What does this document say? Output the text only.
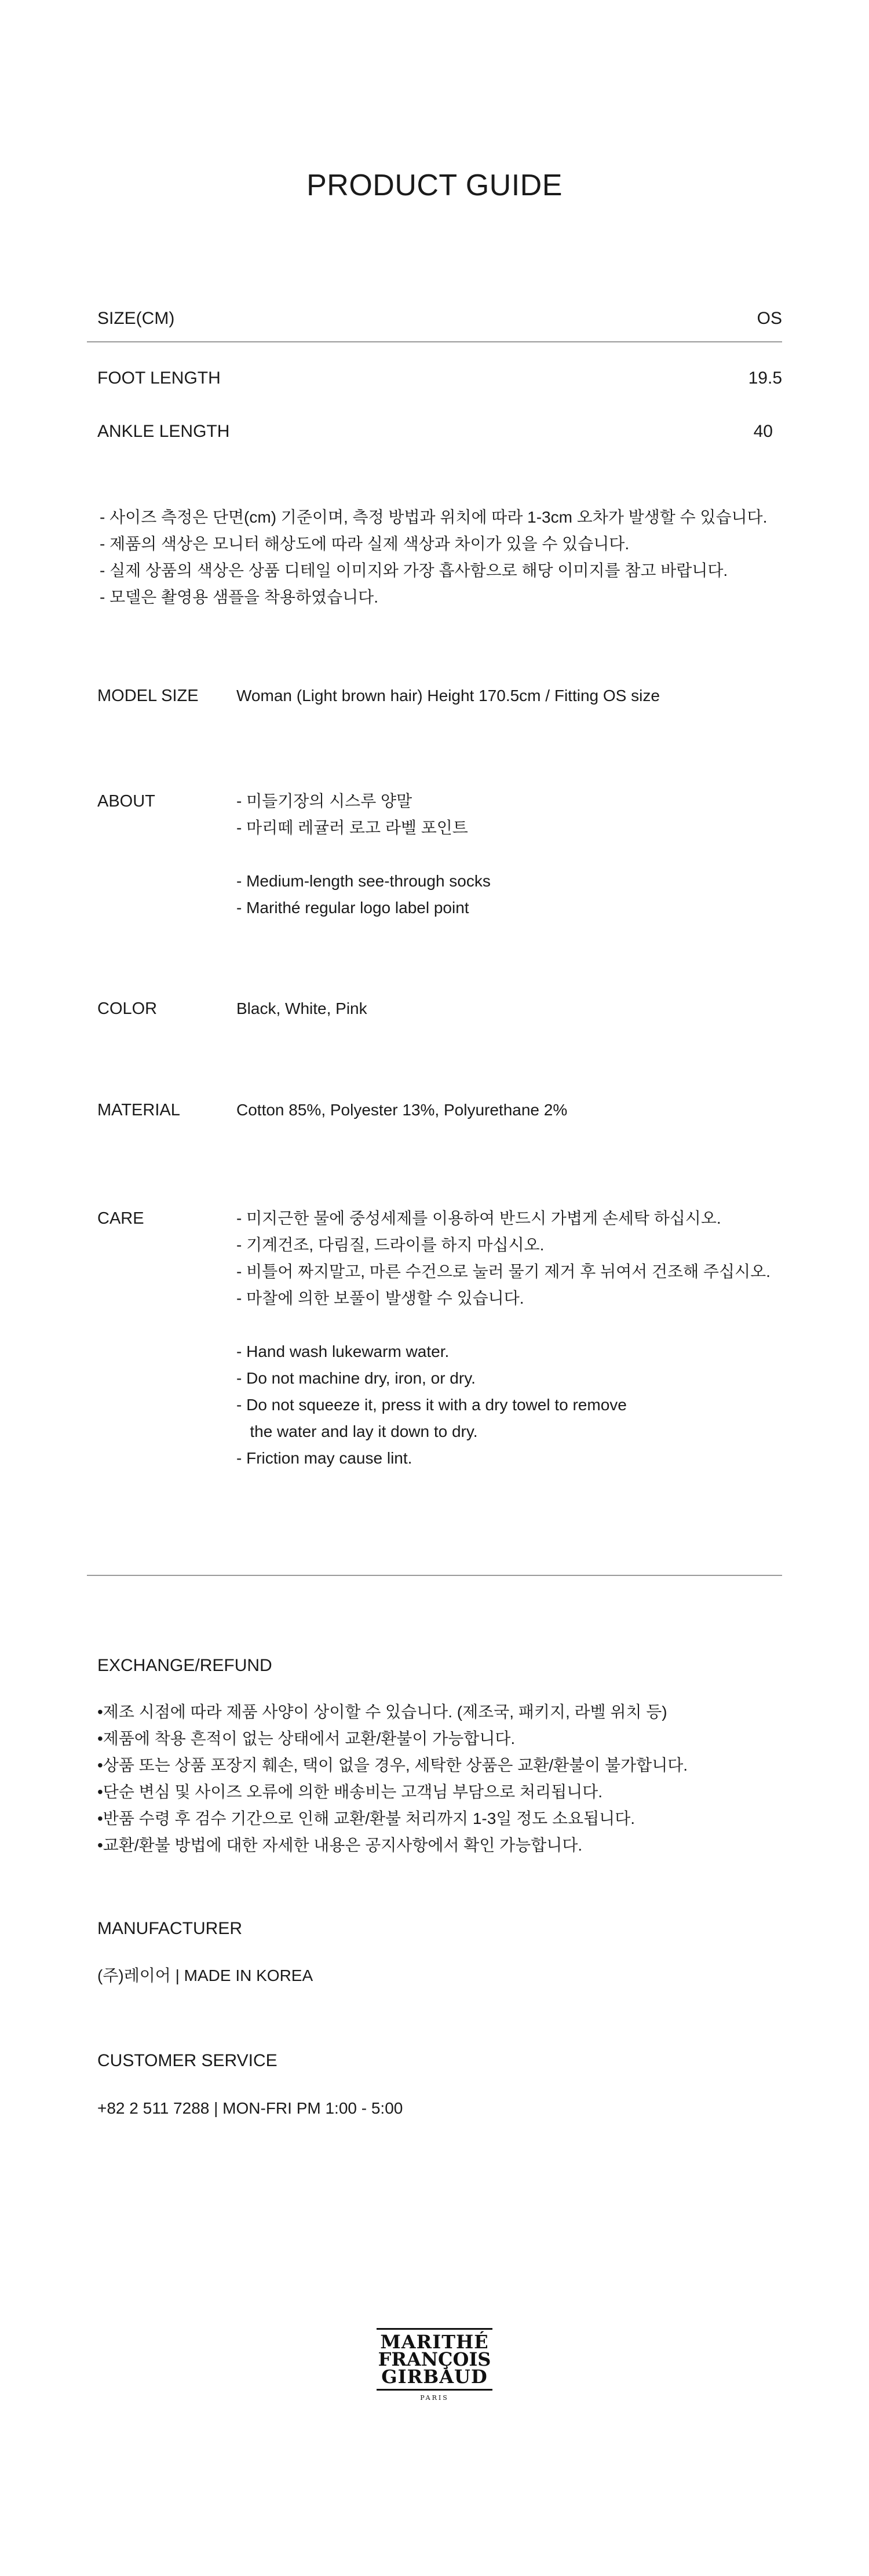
PRODUCT GUIDE
SIZE(CM)	OS
FOOT LENGTH	19.5
ANKLE LENGTH	40
- 사이즈 측정은 단면(cm) 기준이며, 측정 방법과 위치에 따라 1-3cm 오차가 발생할 수 있습니다.
- 제품의 색상은 모니터 해상도에 따라 실제 색상과 차이가 있을 수 있습니다.
- 실제 상품의 색상은 상품 디테일 이미지와 가장 흡사함으로 해당 이미지를 참고 바랍니다.
- 모델은 촬영용 샘플을 착용하였습니다.
MODEL SIZE Woman (Light brown hair) Height 170.5cm / Fitting OS size
ABOUT	- 미들기장의 시스루 양말
- 마리떼 레귤러 로고 라벨 포인트
- Medium-length see-through socks
- Marithé regular logo label point
COLOR	Black, White, Pink
MATERIAL	Cotton 85%, Polyester 13%, Polyurethane 2%
CARE	- 미지근한 물에 중성세제를 이용하여 반드시 가볍게 손세탁 하십시오.
- 기계건조, 다림질, 드라이를 하지 마십시오.
- 비틀어 짜지말고, 마른 수건으로 눌러 물기 제거 후 뉘여서 건조해 주십시오.
- 마찰에 의한 보풀이 발생할 수 있습니다.
- Hand wash lukewarm water.
- Do not machine dry, iron, or dry.
- Do not squeeze it, press it with a dry towel to remove
the water and lay it down to dry.
- Friction may cause lint.
EXCHANGE/REFUND
•제조 시점에 따라 제품 사양이 상이할 수 있습니다. (제조국, 패키지, 라벨 위치 등)
•제품에 착용 흔적이 없는 상태에서 교환/환불이 가능합니다.
•상품 또는 상품 포장지 훼손, 택이 없을 경우, 세탁한 상품은 교환/환불이 불가합니다.
•단순 변심 및 사이즈 오류에 의한 배송비는 고객님 부담으로 처리됩니다.
•반품 수령 후 검수 기간으로 인해 교환/환불 처리까지 1-3일 정도 소요됩니다.
•교환/환불 방법에 대한 자세한 내용은 공지사항에서 확인 가능합니다.
MANUFACTURER
(주)레이어 | MADE IN KOREA
CUSTOMER SERVICE
+82 2 511 7288 | MON-FRI PM 1:00 - 5:00
MARITHÉ
FRANÇOIS
GIRBAUD
PARIS
